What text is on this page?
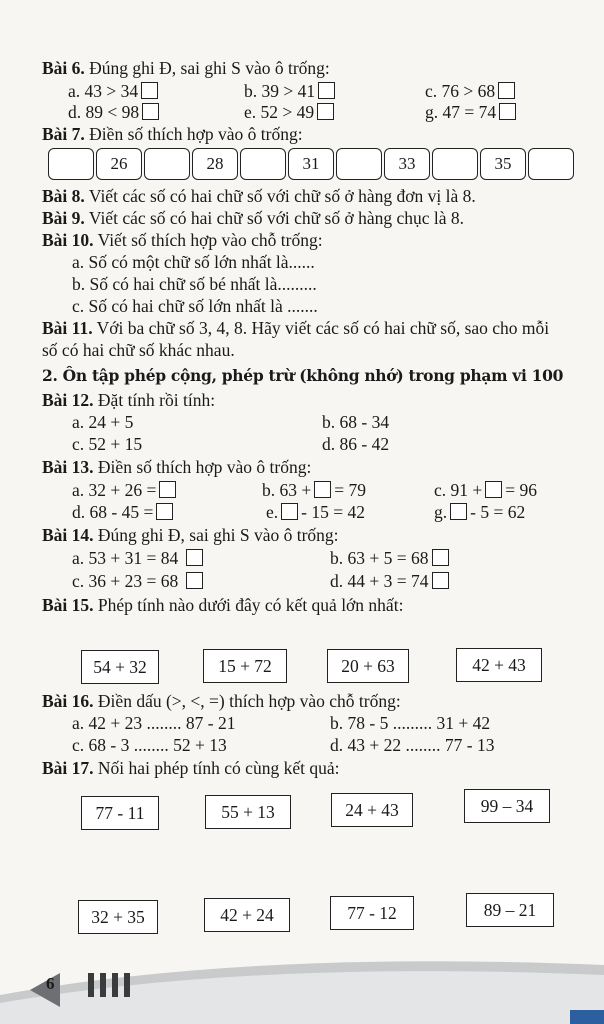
Bài 6. Đúng ghi Đ, sai ghi S vào ô trống:
a. 43 > 34	b. 39 > 41	c. 76 > 68
d. 89 < 98	e. 52 > 49	g. 47 = 74
Bài 7. Điền số thích hợp vào ô trống:
26	28	31	33	35
Bài 8. Viết các số có hai chữ số với chữ số ở hàng đơn vị là 8.
Bài 9. Viết các số có hai chữ số với chữ số ở hàng chục là 8.
Bài 10. Viết số thích hợp vào chỗ trống:
a. Số có một chữ số lớn nhất là......
b. Số có hai chữ số bé nhất là.........
c. Số có hai chữ số lớn nhất là .......
Bài 11. Với ba chữ số 3, 4, 8. Hãy viết các số có hai chữ số, sao cho mỗi
số có hai chữ số khác nhau.
2. Ôn tập phép cộng, phép trừ (không nhớ) trong phạm vi 100
Bài 12. Đặt tính rồi tính:
a. 24 + 5	b. 68 - 34
c. 52 + 15	d. 86 - 42
Bài 13. Điền số thích hợp vào ô trống:
a. 32 + 26 =	b. 63 + = 79	c. 91 + = 96
d. 68 - 45 =	e. - 15 = 42	g. - 5 = 62
Bài 14. Đúng ghi Đ, sai ghi S vào ô trống:
a. 53 + 31 = 84	b. 63 + 5 = 68
c. 36 + 23 = 68	d. 44 + 3 = 74
Bài 15. Phép tính nào dưới đây có kết quả lớn nhất:
54 + 32	15 + 72	20 + 63	42 + 43
Bài 16. Điền dấu (>, <, =) thích hợp vào chỗ trống:
a. 42 + 23 ........ 87 - 21	b. 78 - 5 ......... 31 + 42
c. 68 - 3 ........ 52 + 13	d. 43 + 22 ........ 77 - 13
Bài 17. Nối hai phép tính có cùng kết quả:
77 - 11	55 + 13	24 + 43	99 – 34
32 + 35	42 + 24	77 - 12	89 – 21
6
